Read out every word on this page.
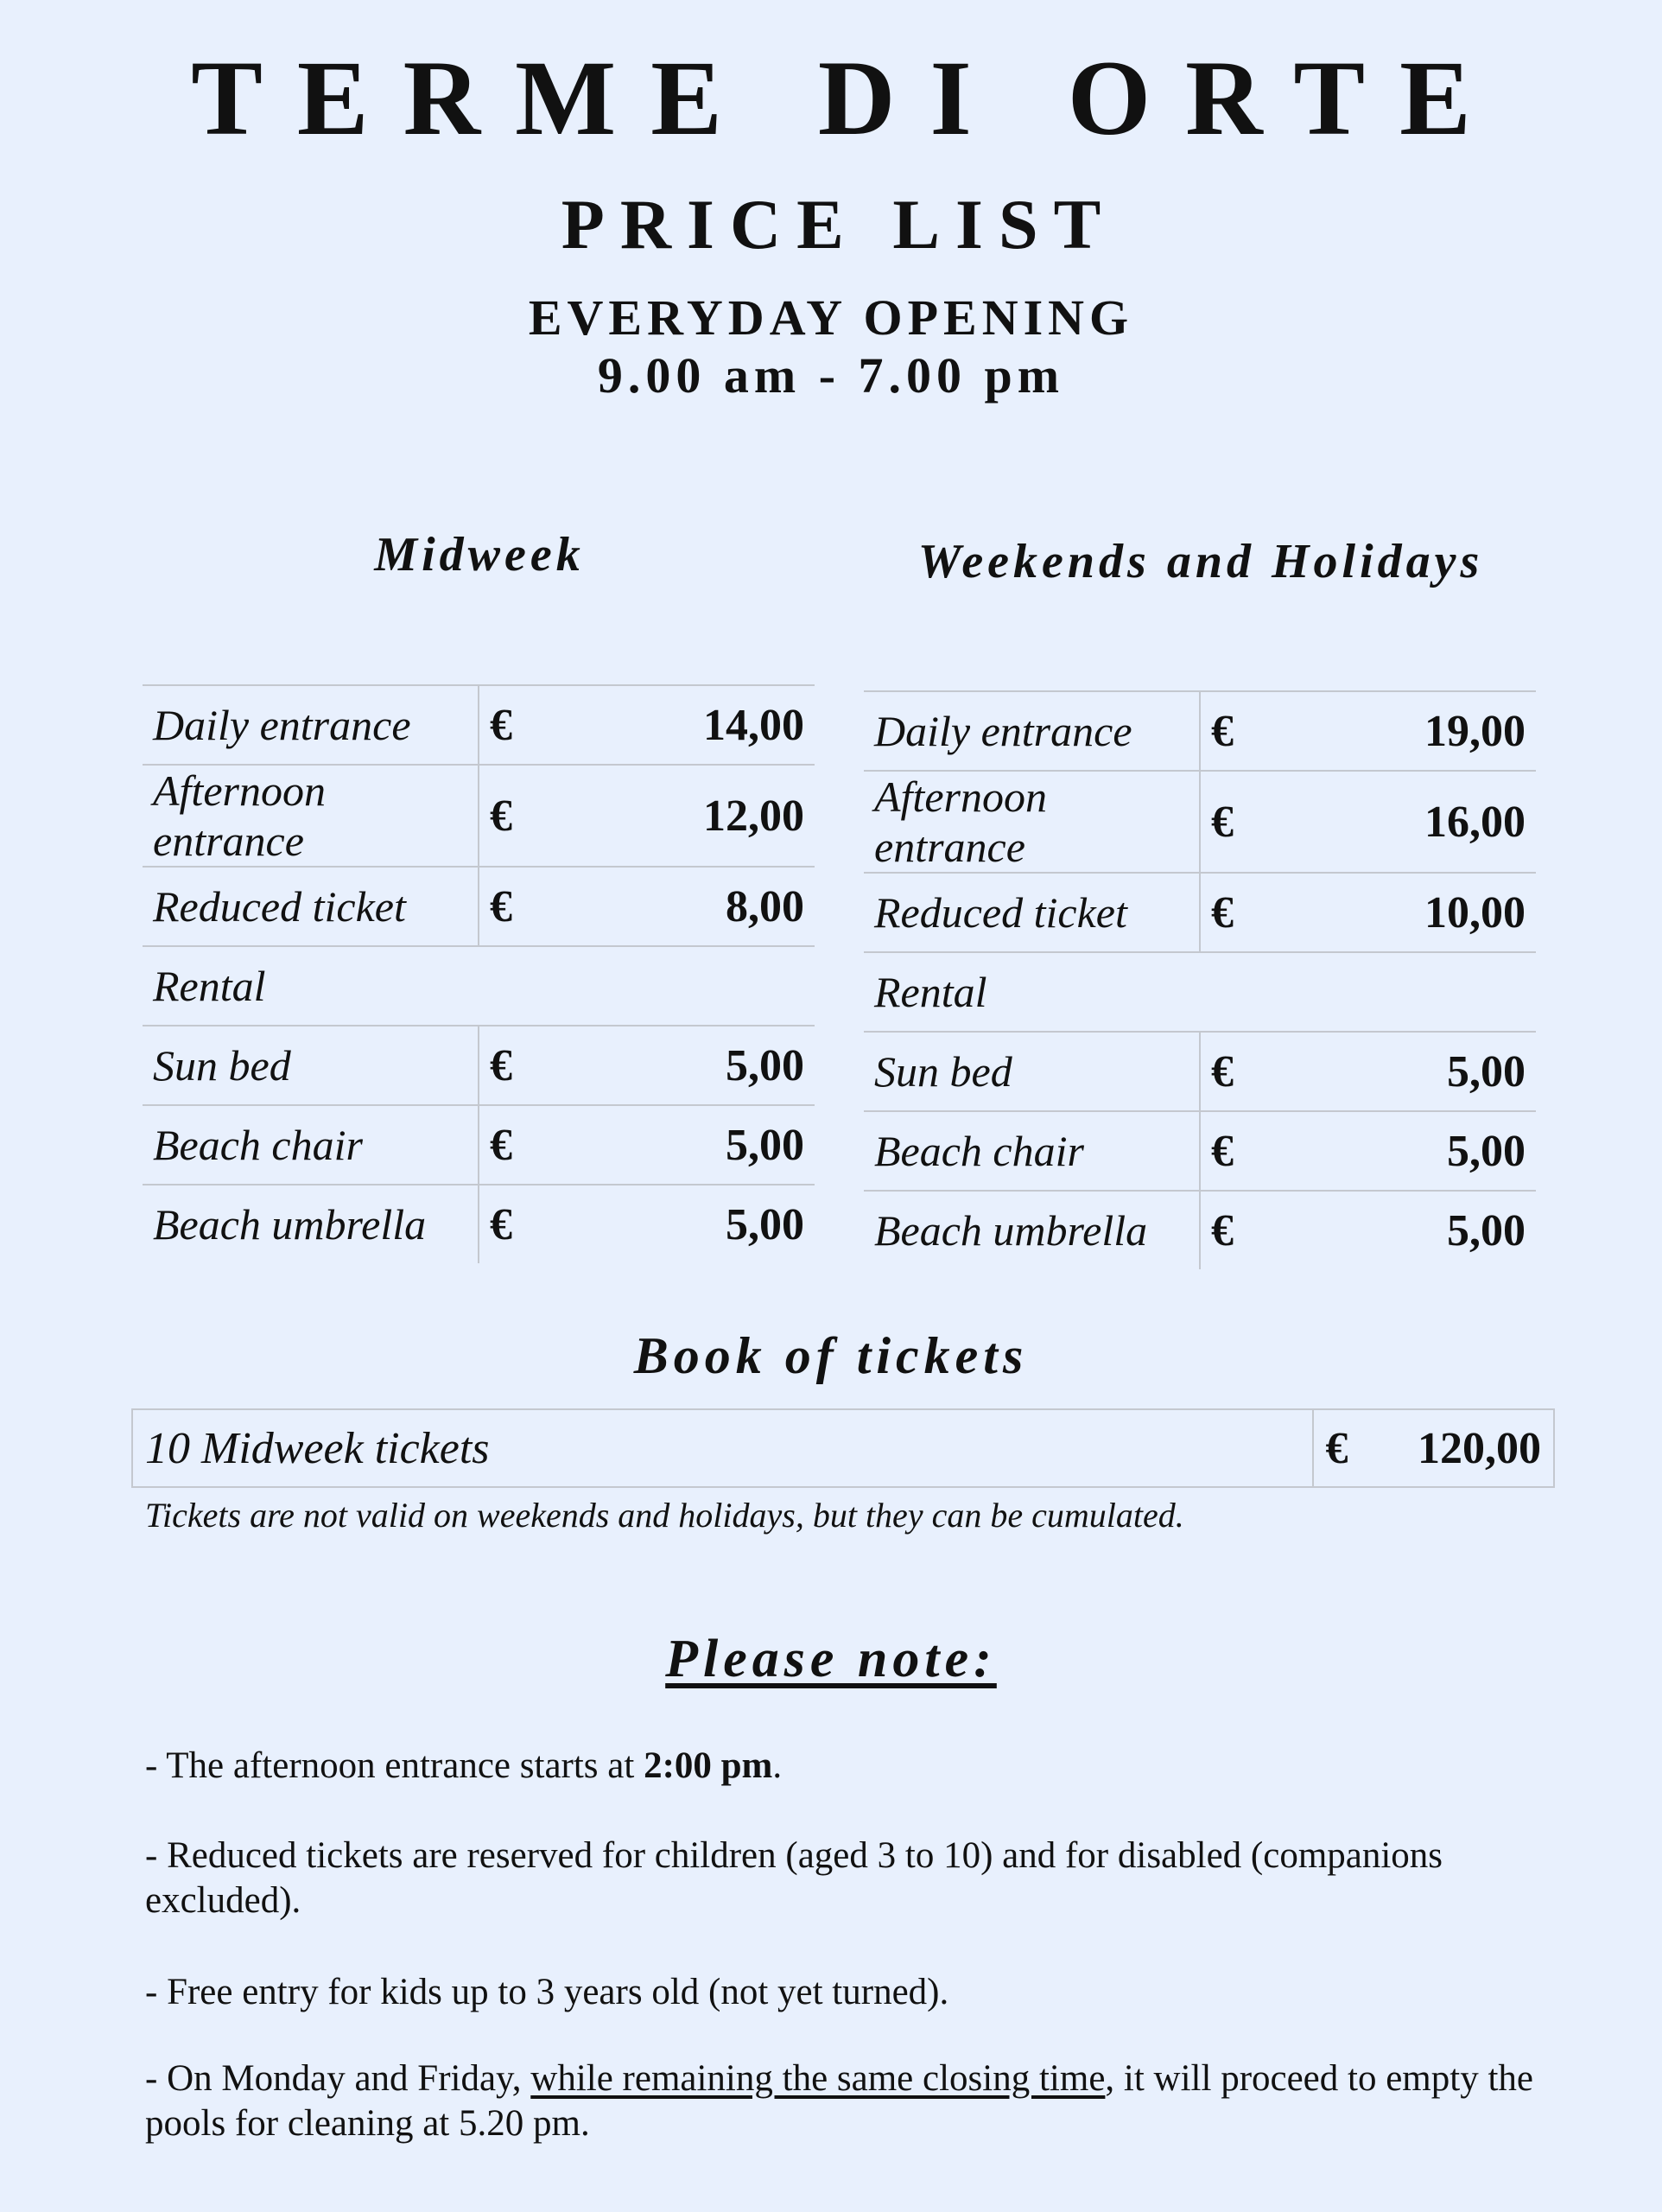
TERME DI ORTE
PRICE LIST
EVERYDAY OPENING
9.00 am - 7.00 pm
Midweek	Weekends and Holidays
Daily entrance	€	14,00
Afternoon entrance	€	12,00
Reduced ticket	€	8,00
Rental		
Sun bed	€	5,00
Beach chair	€	5,00
Beach umbrella	€	5,00
Daily entrance	€	19,00
Afternoon entrance	€	16,00
Reduced ticket	€	10,00
Rental		
Sun bed	€	5,00
Beach chair	€	5,00
Beach umbrella	€	5,00
Book of tickets
10 Midweek tickets	€	120,00
Tickets are not valid on weekends and holidays, but they can be cumulated.
Please note:
- The afternoon entrance starts at 2:00 pm.
- Reduced tickets are reserved for children (aged 3 to 10) and for disabled (companions excluded).
- Free entry for kids up to 3 years old (not yet turned).
- On Monday and Friday, while remaining the same closing time, it will proceed to empty the pools for cleaning at 5.20 pm.
